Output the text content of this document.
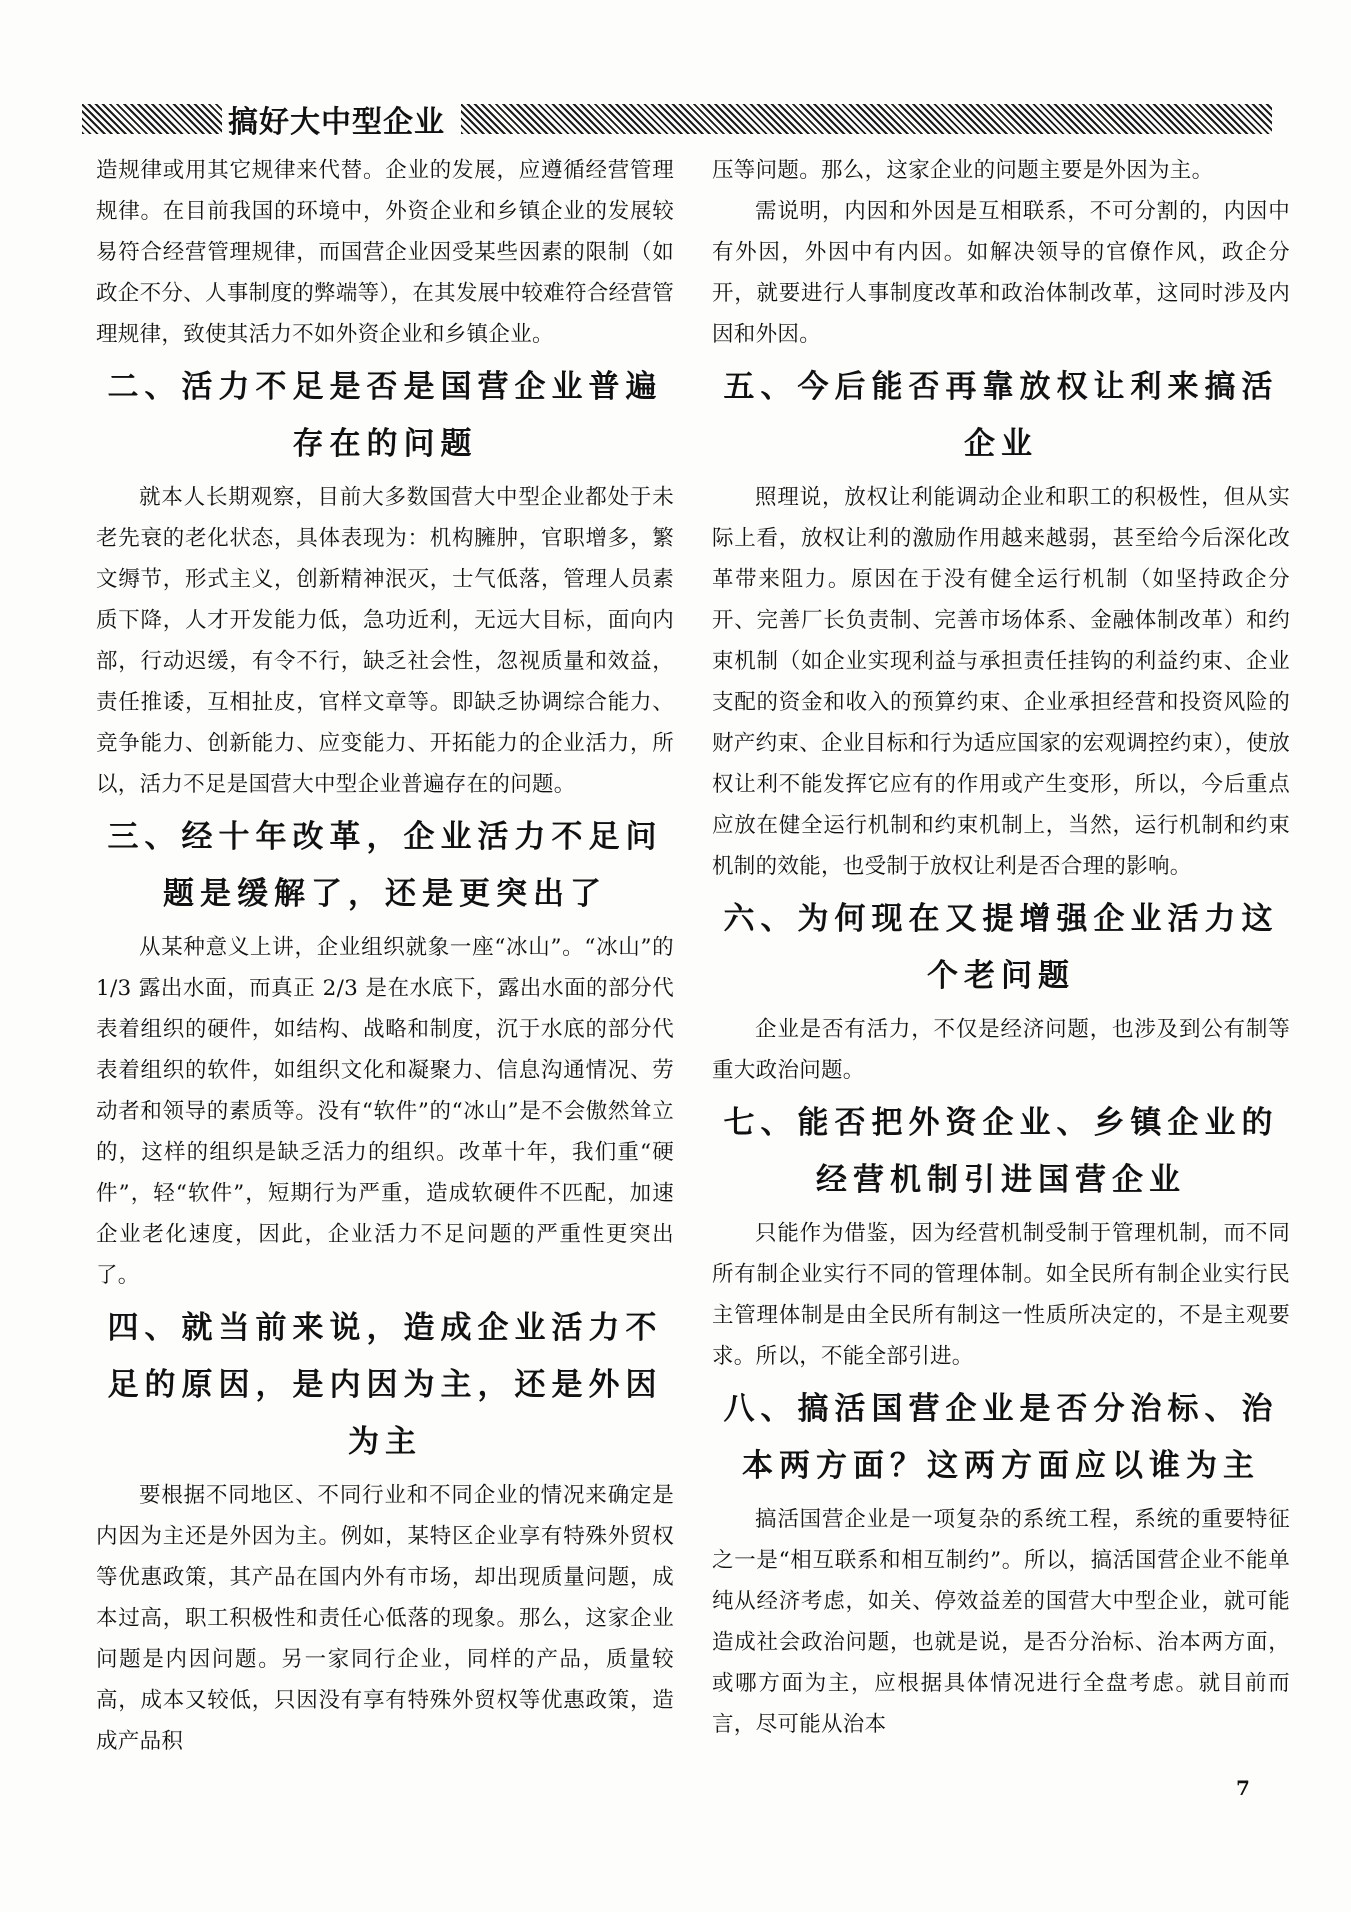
搞好大中型企业

造规律或用其它规律来代替。企业的发展，应遵循经营管理规律。在目前我国的环境中，外资企业和乡镇企业的发展较易符合经营管理规律，而国营企业因受某些因素的限制（如政企不分、人事制度的弊端等），在其发展中较难符合经营管理规律，致使其活力不如外资企业和乡镇企业。

二、活力不足是否是国营企业普遍存在的问题

就本人长期观察，目前大多数国营大中型企业都处于未老先衰的老化状态，具体表现为：机构臃肿，官职增多，繁文缛节，形式主义，创新精神泯灭，士气低落，管理人员素质下降，人才开发能力低，急功近利，无远大目标，面向内部，行动迟缓，有令不行，缺乏社会性，忽视质量和效益，责任推诿，互相扯皮，官样文章等。即缺乏协调综合能力、竞争能力、创新能力、应变能力、开拓能力的企业活力，所以，活力不足是国营大中型企业普遍存在的问题。

三、经十年改革，企业活力不足问题是缓解了，还是更突出了

从某种意义上讲，企业组织就象一座“冰山”。“冰山”的 1/3 露出水面，而真正 2/3 是在水底下，露出水面的部分代表着组织的硬件，如结构、战略和制度，沉于水底的部分代表着组织的软件，如组织文化和凝聚力、信息沟通情况、劳动者和领导的素质等。没有“软件”的“冰山”是不会傲然耸立的，这样的组织是缺乏活力的组织。改革十年，我们重“硬件”，轻“软件”，短期行为严重，造成软硬件不匹配，加速企业老化速度，因此，企业活力不足问题的严重性更突出了。

四、就当前来说，造成企业活力不足的原因，是内因为主，还是外因为主

要根据不同地区、不同行业和不同企业的情况来确定是内因为主还是外因为主。例如，某特区企业享有特殊外贸权等优惠政策，其产品在国内外有市场，却出现质量问题，成本过高，职工积极性和责任心低落的现象。那么，这家企业问题是内因问题。另一家同行企业，同样的产品，质量较高，成本又较低，只因没有享有特殊外贸权等优惠政策，造成产品积

压等问题。那么，这家企业的问题主要是外因为主。

需说明，内因和外因是互相联系，不可分割的，内因中有外因，外因中有内因。如解决领导的官僚作风，政企分开，就要进行人事制度改革和政治体制改革，这同时涉及内因和外因。

五、今后能否再靠放权让利来搞活企业

照理说，放权让利能调动企业和职工的积极性，但从实际上看，放权让利的激励作用越来越弱，甚至给今后深化改革带来阻力。原因在于没有健全运行机制（如坚持政企分开、完善厂长负责制、完善市场体系、金融体制改革）和约束机制（如企业实现利益与承担责任挂钩的利益约束、企业支配的资金和收入的预算约束、企业承担经营和投资风险的财产约束、企业目标和行为适应国家的宏观调控约束），使放权让利不能发挥它应有的作用或产生变形，所以，今后重点应放在健全运行机制和约束机制上，当然，运行机制和约束机制的效能，也受制于放权让利是否合理的影响。

六、为何现在又提增强企业活力这个老问题

企业是否有活力，不仅是经济问题，也涉及到公有制等重大政治问题。

七、能否把外资企业、乡镇企业的经营机制引进国营企业

只能作为借鉴，因为经营机制受制于管理机制，而不同所有制企业实行不同的管理体制。如全民所有制企业实行民主管理体制是由全民所有制这一性质所决定的，不是主观要求。所以，不能全部引进。

八、搞活国营企业是否分治标、治本两方面？这两方面应以谁为主

搞活国营企业是一项复杂的系统工程，系统的重要特征之一是“相互联系和相互制约”。所以，搞活国营企业不能单纯从经济考虑，如关、停效益差的国营大中型企业，就可能造成社会政治问题，也就是说，是否分治标、治本两方面，或哪方面为主，应根据具体情况进行全盘考虑。就目前而言，尽可能从治本

7
